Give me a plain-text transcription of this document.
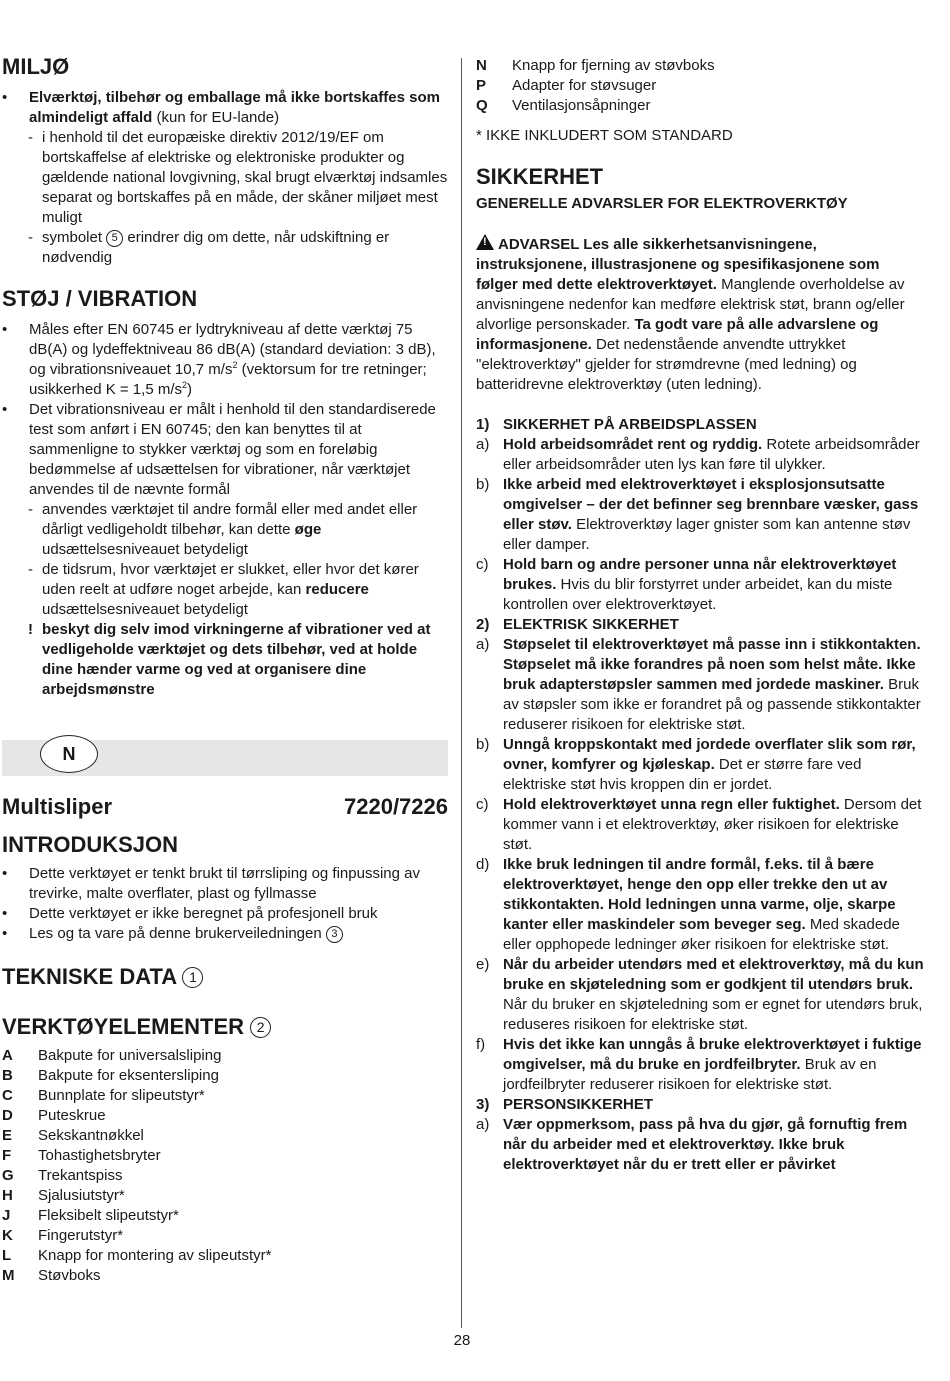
MILJØ
• Elværktøj, tilbehør og emballage må ikke bortskaffes som almindeligt affald (kun for EU-lande)
- i henhold til det europæiske direktiv 2012/19/EF om bortskaffelse af elektriske og elektroniske produkter og gældende national lovgivning, skal brugt elværktøj indsamles separat og bortskaffes på en måde, der skåner miljøet mest muligt
- symbolet 5 erindrer dig om dette, når udskiftning er nødvendig
STØJ / VIBRATION
• Måles efter EN 60745 er lydtrykniveau af dette værktøj 75 dB(A) og lydeffektniveau 86 dB(A) (standard deviation: 3 dB), og vibrationsniveauet 10,7 $m/s^2$ (vektorsum for tre retninger; usikkerhed K = 1,5 $m/s^2$)
• Det vibrationsniveau er målt i henhold til den standardiserede test som anført i EN 60745; den kan benyttes til at sammenligne to stykker værktøj og som en foreløbig bedømmelse af udsættelsen for vibrationer, når værktøjet anvendes til de nævnte formål
- anvendes værktøjet til andre formål eller med andet eller dårligt vedligeholdt tilbehør, kan dette øge udsættelsesniveauet betydeligt
- de tidsrum, hvor værktøjet er slukket, eller hvor det kører uden reelt at udføre noget arbejde, kan reducere udsættelsesniveauet betydeligt
! beskyt dig selv imod virkningerne af vibrationer ved at vedligeholde værktøjet og dets tilbehør, ved at holde dine hænder varme og ved at organisere dine arbejdsmønstre
N
Multisliper	7220/7226
INTRODUKSJON
• Dette verktøyet er tenkt brukt til tørrsliping og finpussing av trevirke, malte overflater, plast og fyllmasse
• Dette verktøyet er ikke beregnet på profesjonell bruk
• Les og ta vare på denne brukerveiledningen 3
TEKNISKE DATA 1
VERKTØYELEMENTER 2
A	Bakpute for universalsliping
B	Bakpute for eksentersliping
C	Bunnplate for slipeutstyr*
D	Puteskrue
E	Sekskantnøkkel
F	Tohastighetsbryter
G	Trekantspiss
H	Sjalusiutstyr*
J	Fleksibelt slipeutstyr*
K	Fingerutstyr*
L	Knapp for montering av slipeutstyr*
M	Støvboks
N	Knapp for fjerning av støvboks
P	Adapter for støvsuger
Q	Ventilasjonsåpninger

* IKKE INKLUDERT SOM STANDARD

SIKKERHET
GENERELLE ADVARSLER FOR ELEKTROVERKTØY

!ADVARSEL Les alle sikkerhetsanvisningene, instruksjonene, illustrasjonene og spesifikasjonene som følger med dette elektroverktøyet. Manglende overholdelse av anvisningene nedenfor kan medføre elektrisk støt, brann og/eller alvorlige personskader. Ta godt vare på alle advarslene og informasjonene. Det nedenstående anvendte uttrykket "elektroverktøy" gjelder for strømdrevne (med ledning) og batteridrevne elektroverktøy (uten ledning).

1) SIKKERHET PÅ ARBEIDSPLASSEN
a) Hold arbeidsområdet rent og ryddig. Rotete arbeidsområder eller arbeidsområder uten lys kan føre til ulykker.
b) Ikke arbeid med elektroverktøyet i eksplosjonsutsatte omgivelser – der det befinner seg brennbare væsker, gass eller støv. Elektroverktøy lager gnister som kan antenne støv eller damper.
c) Hold barn og andre personer unna når elektroverktøyet brukes. Hvis du blir forstyrret under arbeidet, kan du miste kontrollen over elektroverktøyet.
2) ELEKTRISK SIKKERHET
a) Støpselet til elektroverktøyet må passe inn i stikkontakten. Støpselet må ikke forandres på noen som helst måte. Ikke bruk adapterstøpsler sammen med jordede maskiner. Bruk av støpsler som ikke er forandret på og passende stikkontakter reduserer risikoen for elektriske støt.
b) Unngå kroppskontakt med jordede overflater slik som rør, ovner, komfyrer og kjøleskap. Det er større fare ved elektriske støt hvis kroppen din er jordet.
c) Hold elektroverktøyet unna regn eller fuktighet. Dersom det kommer vann i et elektroverktøy, øker risikoen for elektriske støt.
d) Ikke bruk ledningen til andre formål, f.eks. til å bære elektroverktøyet, henge den opp eller trekke den ut av stikkontakten. Hold ledningen unna varme, olje, skarpe kanter eller maskindeler som beveger seg. Med skadede eller opphopede ledninger øker risikoen for elektriske støt.
e) Når du arbeider utendørs med et elektroverktøy, må du kun bruke en skjøteledning som er godkjent til utendørs bruk. Når du bruker en skjøteledning som er egnet for utendørs bruk, reduseres risikoen for elektriske støt.
f) Hvis det ikke kan unngås å bruke elektroverktøyet i fuktige omgivelser, må du bruke en jordfeilbryter. Bruk av en jordfeilbryter reduserer risikoen for elektriske støt.
3) PERSONSIKKERHET
a) Vær oppmerksom, pass på hva du gjør, gå fornuftig frem når du arbeider med et elektroverktøy. Ikke bruk elektroverktøyet når du er trett eller er påvirket
28
